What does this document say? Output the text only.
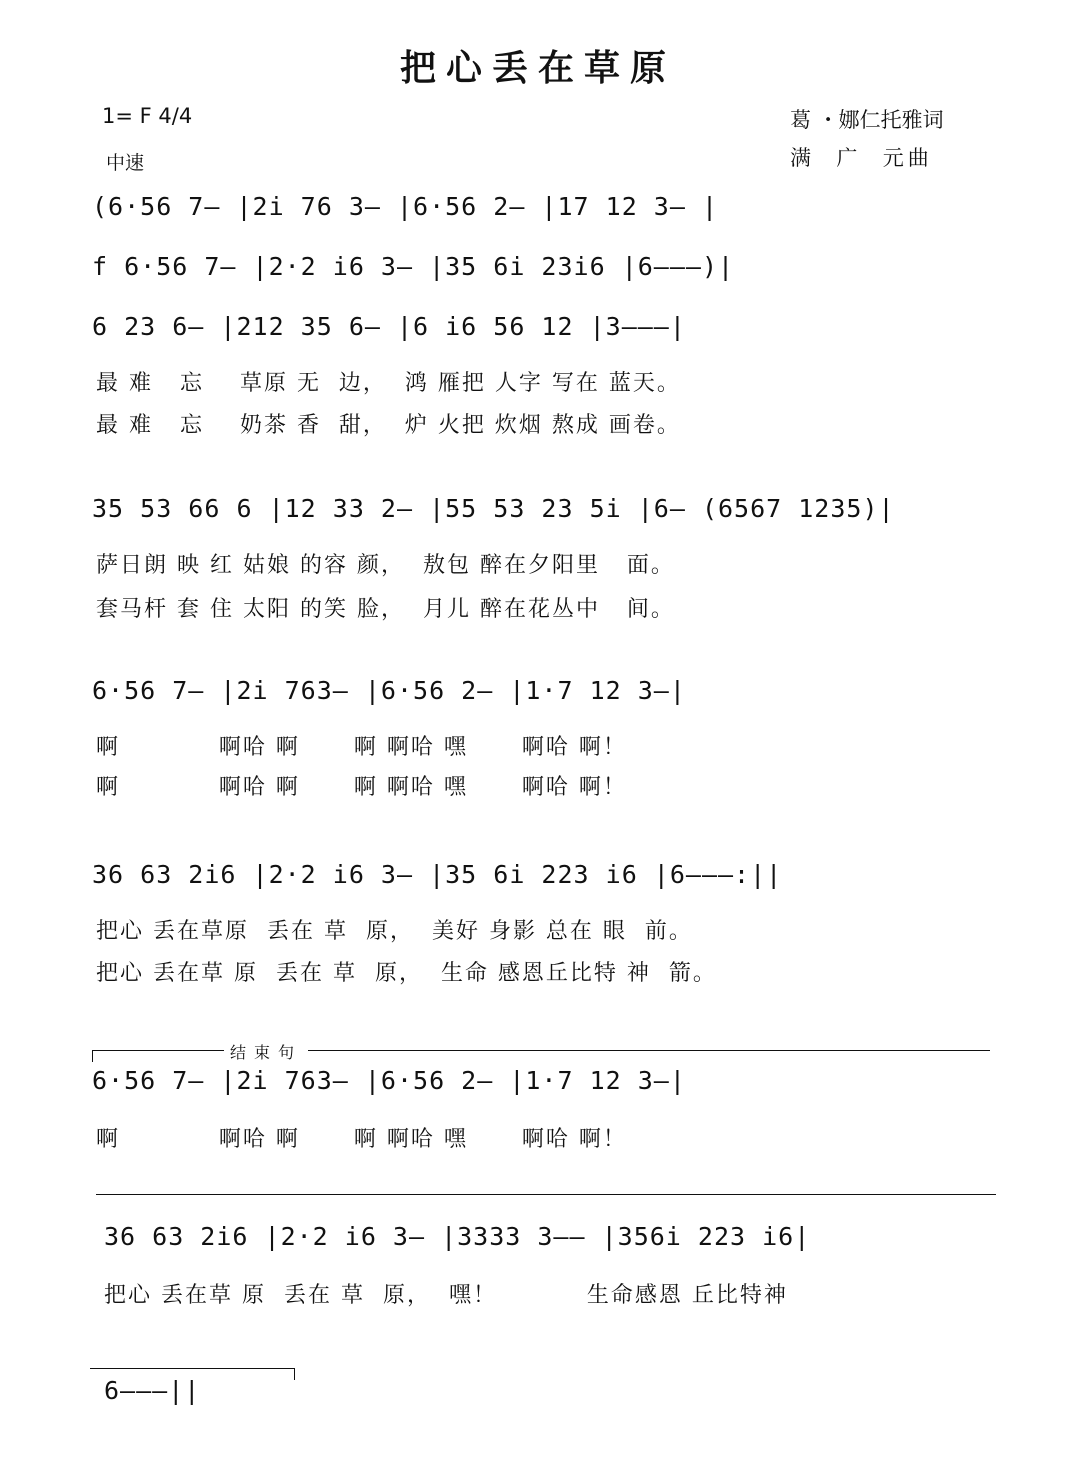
把心丢在草原
1= F 4/4
中速
葛 ・娜仁托雅词
满  广  元曲
(6·56 7— |2i 76 3— |6·56 2— |17 12 3— |
f 6·56 7— |2·2 i6 3— |35 6i 23i6 |6———)|
6 23 6— |212 35 6— |6 i6 56 12 |3———|
最 难   忘    草原 无  边，  鸿 雁把 人字 写在 蓝天。
最 难   忘    奶茶 香  甜，  炉 火把 炊烟 熬成 画卷。
35 53 66 6 |12 33 2— |55 53 23 5i |6— (6567 1235)|
萨日朗 映 红 姑娘 的容 颜，  敖包 醉在夕阳里   面。
套马杆 套 住 太阳 的笑 脸，  月儿 醉在花丛中   间。
6·56 7— |2i 763— |6·56 2— |1·7 12 3—|
啊           啊哈 啊      啊 啊哈 嘿      啊哈 啊！
啊           啊哈 啊      啊 啊哈 嘿      啊哈 啊！
36 63 2i6 |2·2 i6 3— |35 6i 223 i6 |6———:||
把心 丢在草原  丢在 草  原，  美好 身影 总在 眼  前。
把心 丢在草 原  丢在 草  原，  生命 感恩丘比特 神  箭。
结束句
6·56 7— |2i 763— |6·56 2— |1·7 12 3—|
啊           啊哈 啊      啊 啊哈 嘿      啊哈 啊！
36 63 2i6 |2·2 i6 3— |3333 3—— |356i 223 i6|
把心 丢在草 原  丢在 草  原，  嘿！          生命感恩 丘比特神
6———||
